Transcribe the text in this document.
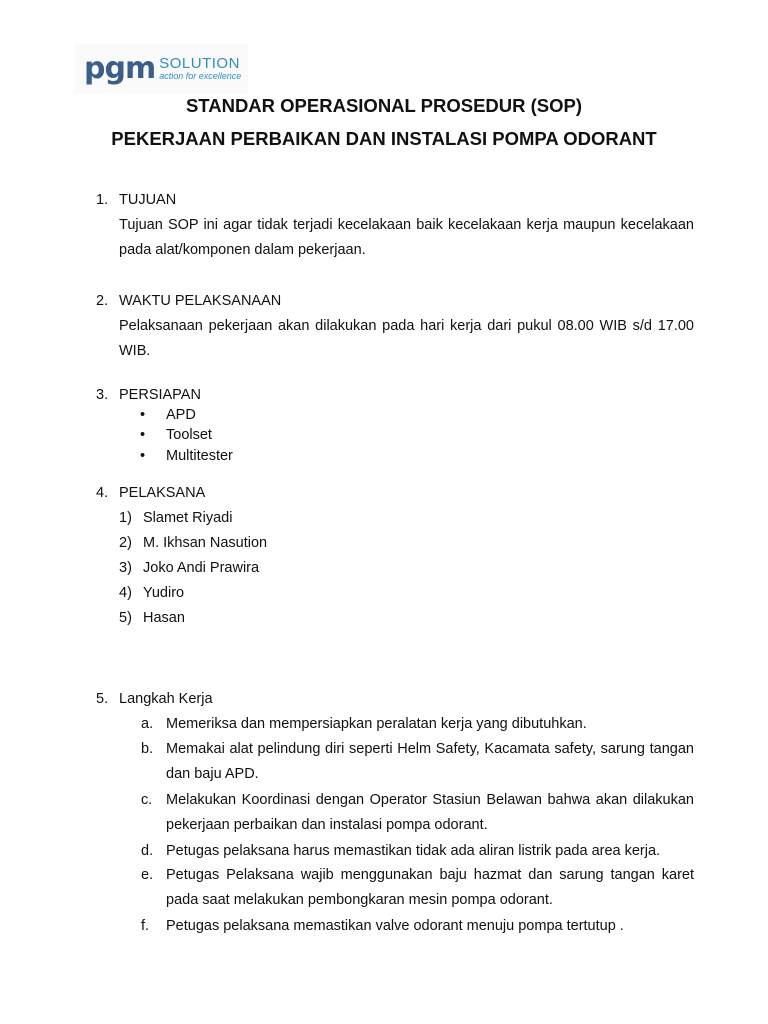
pgm SOLUTION
action for excellence
STANDAR OPERASIONAL PROSEDUR (SOP)
PEKERJAAN PERBAIKAN DAN INSTALASI POMPA ODORANT
1. TUJUAN
Tujuan SOP ini agar tidak terjadi kecelakaan baik kecelakaan kerja maupun kecelakaan pada alat/komponen dalam pekerjaan.
2. WAKTU PELAKSANAAN
Pelaksanaan pekerjaan akan dilakukan pada hari kerja dari pukul 08.00 WIB s/d 17.00 WIB.
3. PERSIAPAN
• APD
• Toolset
• Multitester
4. PELAKSANA
1) Slamet Riyadi
2) M. Ikhsan Nasution
3) Joko Andi Prawira
4) Yudiro
5) Hasan
5. Langkah Kerja
a. Memeriksa dan mempersiapkan peralatan kerja yang dibutuhkan.
b. Memakai alat pelindung diri seperti Helm Safety, Kacamata safety, sarung tangan dan baju APD.
c. Melakukan Koordinasi dengan Operator Stasiun Belawan bahwa akan dilakukan pekerjaan perbaikan dan instalasi pompa odorant.
d. Petugas pelaksana harus memastikan tidak ada aliran listrik pada area kerja.
e. Petugas Pelaksana wajib menggunakan baju hazmat dan sarung tangan karet pada saat melakukan pembongkaran mesin pompa odorant.
f.	Petugas pelaksana memastikan valve odorant menuju pompa tertutup .
